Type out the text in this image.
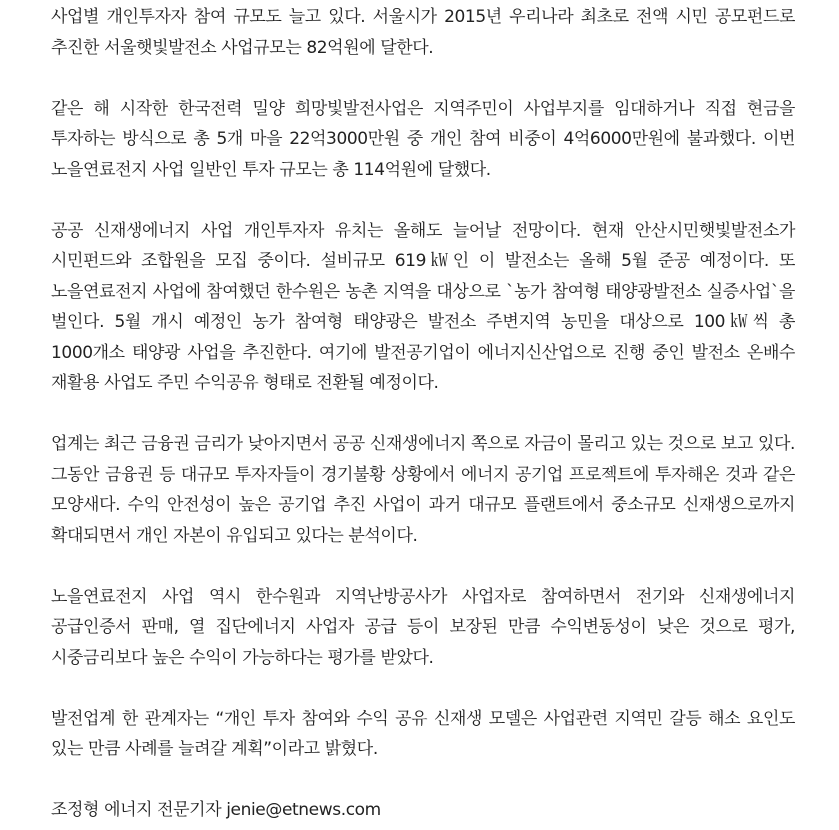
사업별 개인투자자 참여 규모도 늘고 있다. 서울시가 2015년 우리나라 최초로 전액 시민 공모펀드로 추진한 서울햇빛발전소 사업규모는 82억원에 달한다.

같은 해 시작한 한국전력 밀양 희망빛발전사업은 지역주민이 사업부지를 임대하거나 직접 현금을 투자하는 방식으로 총 5개 마을 22억3000만원 중 개인 참여 비중이 4억6000만원에 불과했다. 이번 노을연료전지 사업 일반인 투자 규모는 총 114억원에 달했다.

공공 신재생에너지 사업 개인투자자 유치는 올해도 늘어날 전망이다. 현재 안산시민햇빛발전소가 시민펀드와 조합원을 모집 중이다. 설비규모 619㎾인 이 발전소는 올해 5월 준공 예정이다. 또 노을연료전지 사업에 참여했던 한수원은 농촌 지역을 대상으로 `농가 참여형 태양광발전소 실증사업`을 벌인다. 5월 개시 예정인 농가 참여형 태양광은 발전소 주변지역 농민을 대상으로 100㎾씩 총 1000개소 태양광 사업을 추진한다. 여기에 발전공기업이 에너지신산업으로 진행 중인 발전소 온배수 재활용 사업도 주민 수익공유 형태로 전환될 예정이다.

업계는 최근 금융권 금리가 낮아지면서 공공 신재생에너지 쪽으로 자금이 몰리고 있는 것으로 보고 있다. 그동안 금융권 등 대규모 투자자들이 경기불황 상황에서 에너지 공기업 프로젝트에 투자해온 것과 같은 모양새다. 수익 안전성이 높은 공기업 추진 사업이 과거 대규모 플랜트에서 중소규모 신재생으로까지 확대되면서 개인 자본이 유입되고 있다는 분석이다.

노을연료전지 사업 역시 한수원과 지역난방공사가 사업자로 참여하면서 전기와 신재생에너지 공급인증서 판매, 열 집단에너지 사업자 공급 등이 보장된 만큼 수익변동성이 낮은 것으로 평가, 시중금리보다 높은 수익이 가능하다는 평가를 받았다.

발전업계 한 관계자는 “개인 투자 참여와 수익 공유 신재생 모델은 사업관련 지역민 갈등 해소 요인도 있는 만큼 사례를 늘려갈 계획”이라고 밝혔다.

조정형 에너지 전문기자 jenie@etnews.com
